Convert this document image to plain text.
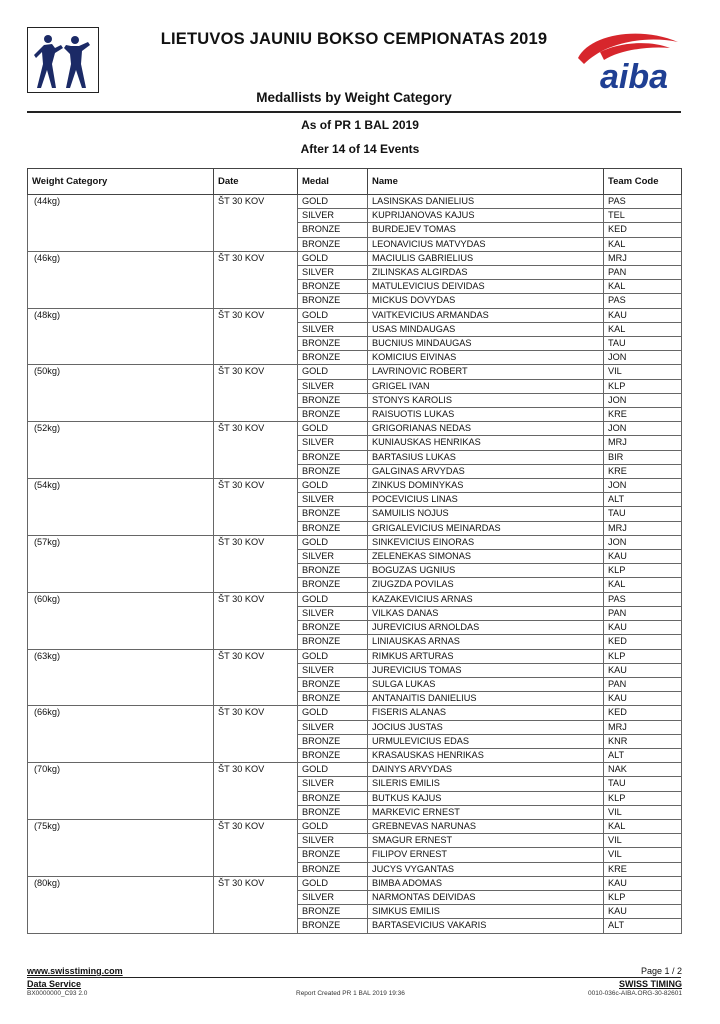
aiba
LIETUVOS JAUNIU BOKSO CEMPIONATAS 2019
Medallists by Weight Category
As of PR 1 BAL 2019
After 14 of 14 Events
Weight Category	Date	Medal	Name	Team Code
(44kg)	ŠT 30 KOV	GOLD	LASINSKAS DANIELIUS	PAS
		SILVER	KUPRIJANOVAS KAJUS	TEL
		BRONZE	BURDEJEV TOMAS	KED
		BRONZE	LEONAVICIUS MATVYDAS	KAL
(46kg)	ŠT 30 KOV	GOLD	MACIULIS GABRIELIUS	MRJ
		SILVER	ZILINSKAS ALGIRDAS	PAN
		BRONZE	MATULEVICIUS DEIVIDAS	KAL
		BRONZE	MICKUS DOVYDAS	PAS
(48kg)	ŠT 30 KOV	GOLD	VAITKEVICIUS ARMANDAS	KAU
		SILVER	USAS MINDAUGAS	KAL
		BRONZE	BUCNIUS MINDAUGAS	TAU
		BRONZE	KOMICIUS EIVINAS	JON
(50kg)	ŠT 30 KOV	GOLD	LAVRINOVIC ROBERT	VIL
		SILVER	GRIGEL IVAN	KLP
		BRONZE	STONYS KAROLIS	JON
		BRONZE	RAISUOTIS LUKAS	KRE
(52kg)	ŠT 30 KOV	GOLD	GRIGORIANAS NEDAS	JON
		SILVER	KUNIAUSKAS HENRIKAS	MRJ
		BRONZE	BARTASIUS LUKAS	BIR
		BRONZE	GALGINAS ARVYDAS	KRE
(54kg)	ŠT 30 KOV	GOLD	ZINKUS DOMINYKAS	JON
		SILVER	POCEVICIUS LINAS	ALT
		BRONZE	SAMUILIS NOJUS	TAU
		BRONZE	GRIGALEVICIUS MEINARDAS	MRJ
(57kg)	ŠT 30 KOV	GOLD	SINKEVICIUS EINORAS	JON
		SILVER	ZELENEKAS SIMONAS	KAU
		BRONZE	BOGUZAS UGNIUS	KLP
		BRONZE	ZIUGZDA POVILAS	KAL
(60kg)	ŠT 30 KOV	GOLD	KAZAKEVICIUS ARNAS	PAS
		SILVER	VILKAS DANAS	PAN
		BRONZE	JUREVICIUS ARNOLDAS	KAU
		BRONZE	LINIAUSKAS ARNAS	KED
(63kg)	ŠT 30 KOV	GOLD	RIMKUS ARTURAS	KLP
		SILVER	JUREVICIUS TOMAS	KAU
		BRONZE	SULGA LUKAS	PAN
		BRONZE	ANTANAITIS DANIELIUS	KAU
(66kg)	ŠT 30 KOV	GOLD	FISERIS ALANAS	KED
		SILVER	JOCIUS JUSTAS	MRJ
		BRONZE	URMULEVICIUS EDAS	KNR
		BRONZE	KRASAUSKAS HENRIKAS	ALT
(70kg)	ŠT 30 KOV	GOLD	DAINYS ARVYDAS	NAK
		SILVER	SILERIS EMILIS	TAU
		BRONZE	BUTKUS KAJUS	KLP
		BRONZE	MARKEVIC ERNEST	VIL
(75kg)	ŠT 30 KOV	GOLD	GREBNEVAS NARUNAS	KAL
		SILVER	SMAGUR ERNEST	VIL
		BRONZE	FILIPOV ERNEST	VIL
		BRONZE	JUCYS VYGANTAS	KRE
(80kg)	ŠT 30 KOV	GOLD	BIMBA ADOMAS	KAU
		SILVER	NARMONTAS DEIVIDAS	KLP
		BRONZE	SIMKUS EMILIS	KAU
		BRONZE	BARTASEVICIUS VAKARIS	ALT
www.swisstiming.com
Data Service
Page 1 / 2
SWISS TIMING
BX0000000_C93 2.0	Report Created PR 1 BAL 2019 19:36	0010-036c-AIBA.ORG-30-82601
